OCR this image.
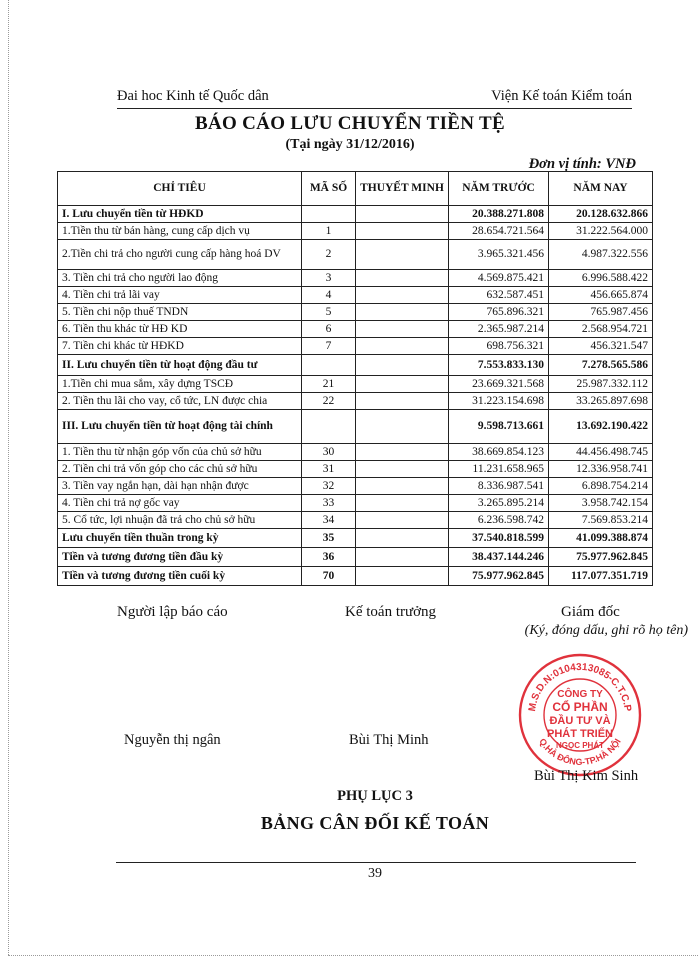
Đai hoc Kinh tế Quốc dân	Viện Kế toán Kiểm toán
BÁO CÁO LƯU CHUYỂN TIỀN TỆ
(Tại ngày 31/12/2016)
Đơn vị tính: VNĐ
CHỈ TIÊU	MÃ SỐ	THUYẾT MINH	NĂM TRƯỚC	NĂM NAY
I. Lưu chuyển tiền từ HĐKD			20.388.271.808	20.128.632.866
1.Tiền thu từ bán hàng, cung cấp dịch vụ	1		28.654.721.564	31.222.564.000
2.Tiền chi trả cho người cung cấp hàng hoá DV	2		3.965.321.456	4.987.322.556
3. Tiền chi trả cho người lao động	3		4.569.875.421	6.996.588.422
4. Tiền chi trả lãi vay	4		632.587.451	456.665.874
5. Tiền chi nộp thuế TNDN	5		765.896.321	765.987.456
6. Tiền thu khác từ HĐ KD	6		2.365.987.214	2.568.954.721
7. Tiền chi khác từ HĐKD	7		698.756.321	456.321.547
II. Lưu chuyển tiền từ hoạt động đầu tư			7.553.833.130	7.278.565.586
1.Tiền chi mua sắm, xây dựng TSCĐ	21		23.669.321.568	25.987.332.112
2. Tiền thu lãi cho vay, cổ tức, LN được chia	22		31.223.154.698	33.265.897.698
III. Lưu chuyển tiền từ hoạt động tài chính			9.598.713.661	13.692.190.422
1. Tiền thu từ nhận góp vốn của chủ sở hữu	30		38.669.854.123	44.456.498.745
2. Tiền chi trả vốn góp cho các chủ sở hữu	31		11.231.658.965	12.336.958.741
3. Tiền vay ngắn hạn, dài hạn nhận được	32		8.336.987.541	6.898.754.214
4. Tiền chi trả nợ gốc vay	33		3.265.895.214	3.958.742.154
5. Cổ tức, lợi nhuận đã trả cho chủ sở hữu	34		6.236.598.742	7.569.853.214
Lưu chuyển tiền thuần trong kỳ	35		37.540.818.599	41.099.388.874
Tiền và tương đương tiền đầu kỳ	36		38.437.144.246	75.977.962.845
Tiền và tương đương tiền cuối kỳ	70		75.977.962.845	117.077.351.719
Người lập báo cáo	Kế toán trưởng	Giám đốc
(Ký, đóng dấu, ghi rõ họ tên)
M.S.D.N:0104313085-C.T.C.P
Q.HÀ ĐÔNG-TP.HÀ NỘI
CÔNG TY CỔ PHẦN ĐẦU TƯ VÀ PHÁT TRIỂN NGỌC PHÁT
Nguyễn thị ngân	Bùi Thị Minh
Bùi Thị Kim Sinh
PHỤ LỤC 3
BẢNG CÂN ĐỐI KẾ TOÁN
39
